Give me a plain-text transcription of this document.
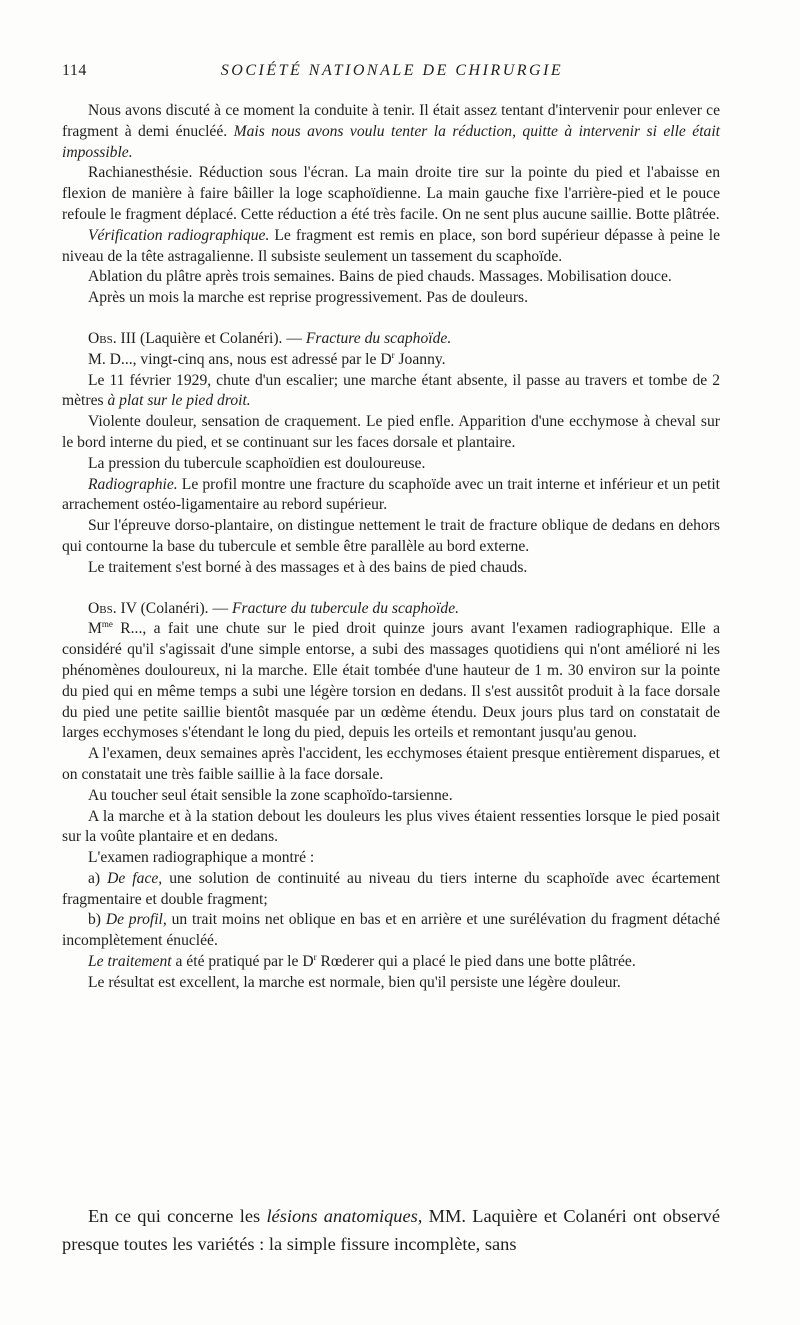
114	SOCIÉTÉ NATIONALE DE CHIRURGIE

Nous avons discuté à ce moment la conduite à tenir. Il était assez tentant d'intervenir pour enlever ce fragment à demi énucléé. Mais nous avons voulu tenter la réduction, quitte à intervenir si elle était impossible.

Rachianesthésie. Réduction sous l'écran. La main droite tire sur la pointe du pied et l'abaisse en flexion de manière à faire bâiller la loge scaphoïdienne. La main gauche fixe l'arrière-pied et le pouce refoule le fragment déplacé. Cette réduction a été très facile. On ne sent plus aucune saillie. Botte plâtrée.

Vérification radiographique. Le fragment est remis en place, son bord supérieur dépasse à peine le niveau de la tête astragalienne. Il subsiste seulement un tassement du scaphoïde.

Ablation du plâtre après trois semaines. Bains de pied chauds. Massages. Mobilisation douce.

Après un mois la marche est reprise progressivement. Pas de douleurs.

Obs. III (Laquière et Colanéri). — Fracture du scaphoïde.

M. D..., vingt-cinq ans, nous est adressé par le $D^r$ Joanny.

Le 11 février 1929, chute d'un escalier; une marche étant absente, il passe au travers et tombe de 2 mètres à plat sur le pied droit.

Violente douleur, sensation de craquement. Le pied enfle. Apparition d'une ecchymose à cheval sur le bord interne du pied, et se continuant sur les faces dorsale et plantaire.

La pression du tubercule scaphoïdien est douloureuse.

Radiographie. Le profil montre une fracture du scaphoïde avec un trait interne et inférieur et un petit arrachement ostéo-ligamentaire au rebord supérieur.

Sur l'épreuve dorso-plantaire, on distingue nettement le trait de fracture oblique de dedans en dehors qui contourne la base du tubercule et semble être parallèle au bord externe.

Le traitement s'est borné à des massages et à des bains de pied chauds.

Obs. IV (Colanéri). — Fracture du tubercule du scaphoïde.

$M^{me}$ R..., a fait une chute sur le pied droit quinze jours avant l'examen radiographique. Elle a considéré qu'il s'agissait d'une simple entorse, a subi des massages quotidiens qui n'ont amélioré ni les phénomènes douloureux, ni la marche. Elle était tombée d'une hauteur de 1 m. 30 environ sur la pointe du pied qui en même temps a subi une légère torsion en dedans. Il s'est aussitôt produit à la face dorsale du pied une petite saillie bientôt masquée par un œdème étendu. Deux jours plus tard on constatait de larges ecchymoses s'étendant le long du pied, depuis les orteils et remontant jusqu'au genou.

A l'examen, deux semaines après l'accident, les ecchymoses étaient presque entièrement disparues, et on constatait une très faible saillie à la face dorsale.

Au toucher seul était sensible la zone scaphoïdo-tarsienne.

A la marche et à la station debout les douleurs les plus vives étaient ressenties lorsque le pied posait sur la voûte plantaire et en dedans.

L'examen radiographique a montré :

a) De face, une solution de continuité au niveau du tiers interne du scaphoïde avec écartement fragmentaire et double fragment;

b) De profil, un trait moins net oblique en bas et en arrière et une surélévation du fragment détaché incomplètement énucléé.

Le traitement a été pratiqué par le $D^r$ Rœderer qui a placé le pied dans une botte plâtrée.

Le résultat est excellent, la marche est normale, bien qu'il persiste une légère douleur.

En ce qui concerne les lésions anatomiques, MM. Laquière et Colanéri ont observé presque toutes les variétés : la simple fissure incomplète, sans
